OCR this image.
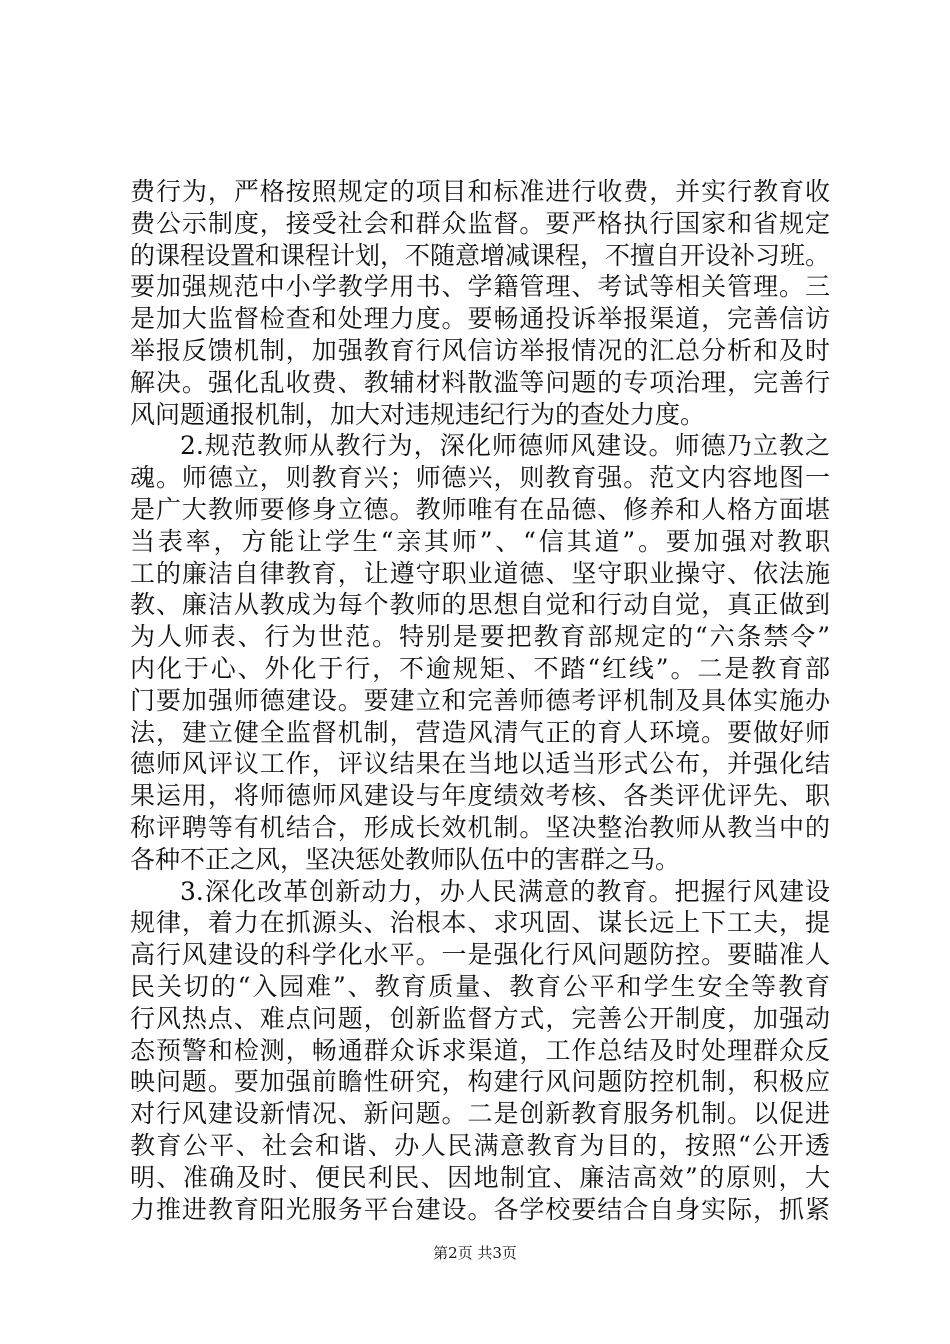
费行为，严格按照规定的项目和标准进行收费，并实行教育收
费公示制度，接受社会和群众监督。要严格执行国家和省规定
的课程设置和课程计划，不随意增减课程，不擅自开设补习班。
要加强规范中小学教学用书、学籍管理、考试等相关管理。三
是加大监督检查和处理力度。要畅通投诉举报渠道，完善信访
举报反馈机制，加强教育行风信访举报情况的汇总分析和及时
解决。强化乱收费、教辅材料散滥等问题的专项治理，完善行
风问题通报机制，加大对违规违纪行为的查处力度。
2.规范教师从教行为，深化师德师风建设。师德乃立教之
魂。师德立，则教育兴；师德兴，则教育强。范文内容地图一
是广大教师要修身立德。教师唯有在品德、修养和人格方面堪
当表率，方能让学生“亲其师”、“信其道”。要加强对教职
工的廉洁自律教育，让遵守职业道德、坚守职业操守、依法施
教、廉洁从教成为每个教师的思想自觉和行动自觉，真正做到
为人师表、行为世范。特别是要把教育部规定的“六条禁令”
内化于心、外化于行，不逾规矩、不踏“红线”。二是教育部
门要加强师德建设。要建立和完善师德考评机制及具体实施办
法，建立健全监督机制，营造风清气正的育人环境。要做好师
德师风评议工作，评议结果在当地以适当形式公布，并强化结
果运用，将师德师风建设与年度绩效考核、各类评优评先、职
称评聘等有机结合，形成长效机制。坚决整治教师从教当中的
各种不正之风，坚决惩处教师队伍中的害群之马。
3.深化改革创新动力，办人民满意的教育。把握行风建设
规律，着力在抓源头、治根本、求巩固、谋长远上下工夫，提
高行风建设的科学化水平。一是强化行风问题防控。要瞄准人
民关切的“入园难”、教育质量、教育公平和学生安全等教育
行风热点、难点问题，创新监督方式，完善公开制度，加强动
态预警和检测，畅通群众诉求渠道，工作总结及时处理群众反
映问题。要加强前瞻性研究，构建行风问题防控机制，积极应
对行风建设新情况、新问题。二是创新教育服务机制。以促进
教育公平、社会和谐、办人民满意教育为目的，按照“公开透
明、准确及时、便民利民、因地制宜、廉洁高效”的原则，大
力推进教育阳光服务平台建设。各学校要结合自身实际，抓紧
第2页 共3页
